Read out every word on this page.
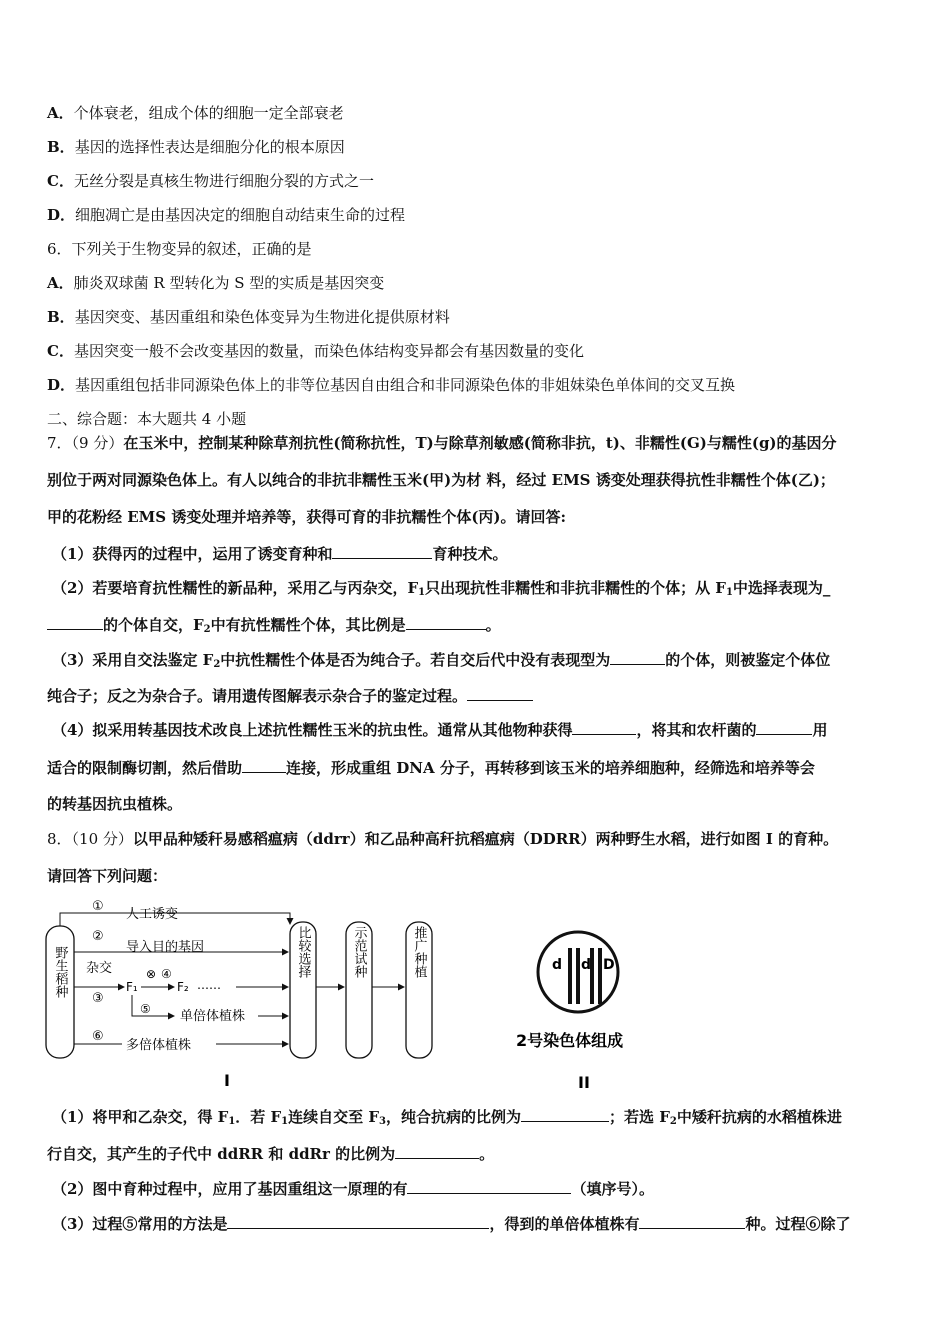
A．个体衰老，组成个体的细胞一定全部衰老
B．基因的选择性表达是细胞分化的根本原因
C．无丝分裂是真核生物进行细胞分裂的方式之一
D．细胞凋亡是由基因决定的细胞自动结束生命的过程
6．下列关于生物变异的叙述，正确的是
A．肺炎双球菌 R 型转化为 S 型的实质是基因突变
B．基因突变、基因重组和染色体变异为生物进化提供原材料
C．基因突变一般不会改变基因的数量，而染色体结构变异都会有基因数量的变化
D．基因重组包括非同源染色体上的非等位基因自由组合和非同源染色体的非姐妹染色单体间的交叉互换
二、综合题：本大题共 4 小题
7．（9 分）在玉米中，控制某种除草剂抗性(简称抗性，T)与除草剂敏感(简称非抗，t)、非糯性(G)与糯性(g)的基因分
别位于两对同源染色体上。有人以纯合的非抗非糯性玉米(甲)为材 料，经过 EMS 诱变处理获得抗性非糯性个体(乙)；
甲的花粉经 EMS 诱变处理并培养等，获得可育的非抗糯性个体(丙)。请回答:
（1）获得丙的过程中，运用了诱变育种和	育种技术。
（2）若要培育抗性糯性的新品种，采用乙与丙杂交，$F_1$只出现抗性非糯性和非抗非糯性的个体；从 $F_1$中选择表现为_
的个体自交，$F_2$中有抗性糯性个体，其比例是	。
（3）采用自交法鉴定 $F_2$中抗性糯性个体是否为纯合子。若自交后代中没有表现型为	的个体，则被鉴定个体位
纯合子；反之为杂合子。请用遗传图解表示杂合子的鉴定过程。
（4）拟采用转基因技术改良上述抗性糯性玉米的抗虫性。通常从其他物种获得	，将其和农杆菌的	用
适合的限制酶切割，然后借助	连接，形成重组 DNA 分子，再转移到该玉米的培养细胞种，经筛选和培养等会
的转基因抗虫植株。
8．（10 分）以甲品种矮秆易感稻瘟病（ddrr）和乙品种高秆抗稻瘟病（DDRR）两种野生水稻，进行如图 I 的育种。
请回答下列问题：
野生稻种
①
人工诱变
②
导入目的基因
杂交
③
F₁
⊗ ④
F₂ ……
⑤ 单倍体植株
⑥
多倍体植株
比较选择	示范试种	推广种植
I
d d D
2号染色体组成
II
（1）将甲和乙杂交，得 $F_1$．若 $F_1$连续自交至 $F_3$，纯合抗病的比例为	；若选 $F_2$中矮秆抗病的水稻植株进
行自交，其产生的子代中 ddRR 和 ddRr 的比例为	。
（2）图中育种过程中，应用了基因重组这一原理的有	（填序号）。
（3）过程⑤常用的方法是	，得到的单倍体植株有	种。过程⑥除了
